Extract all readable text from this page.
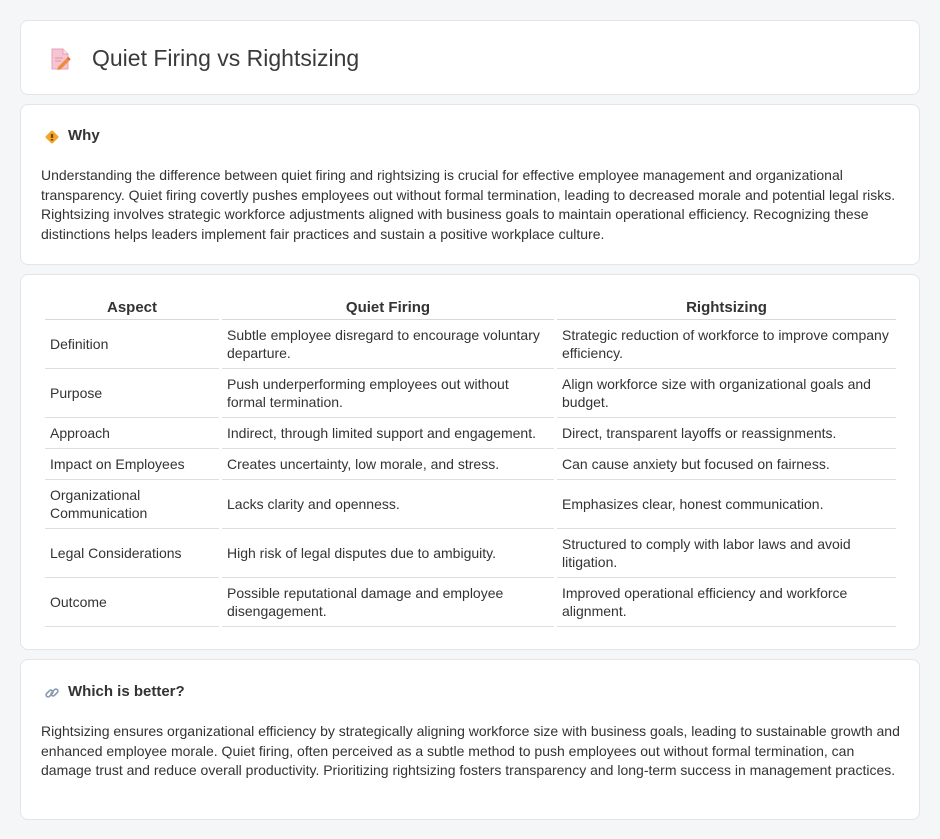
Quiet Firing vs Rightsizing
Why

Understanding the difference between quiet firing and rightsizing is crucial for effective employee management and organizational transparency. Quiet firing covertly pushes employees out without formal termination, leading to decreased morale and potential legal risks. Rightsizing involves strategic workforce adjustments aligned with business goals to maintain operational efficiency. Recognizing these distinctions helps leaders implement fair practices and sustain a positive workplace culture.

Aspect	Quiet Firing	Rightsizing
Definition	Subtle employee disregard to encourage voluntary departure.	Strategic reduction of workforce to improve company efficiency.
Purpose	Push underperforming employees out without formal termination.	Align workforce size with organizational goals and budget.
Approach	Indirect, through limited support and engagement.	Direct, transparent layoffs or reassignments.
Impact on Employees	Creates uncertainty, low morale, and stress.	Can cause anxiety but focused on fairness.
Organizational Communication	Lacks clarity and openness.	Emphasizes clear, honest communication.
Legal Considerations	High risk of legal disputes due to ambiguity.	Structured to comply with labor laws and avoid litigation.
Outcome	Possible reputational damage and employee disengagement.	Improved operational efficiency and workforce alignment.
Which is better?

Rightsizing ensures organizational efficiency by strategically aligning workforce size with business goals, leading to sustainable growth and enhanced employee morale. Quiet firing, often perceived as a subtle method to push employees out without formal termination, can damage trust and reduce overall productivity. Prioritizing rightsizing fosters transparency and long-term success in management practices.
